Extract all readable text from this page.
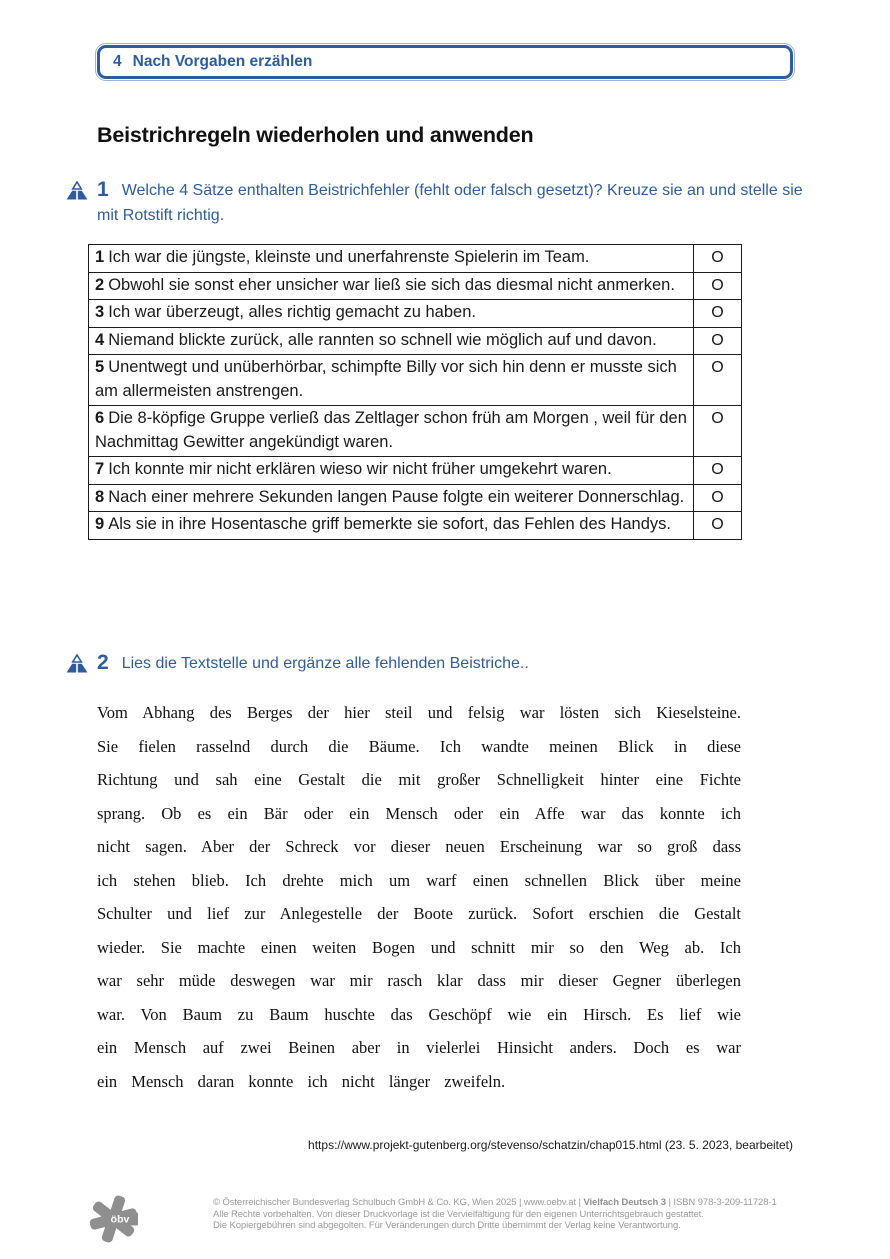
4 Nach Vorgaben erzählen
Beistrichregeln wiederholen und anwenden

1 Welche 4 Sätze enthalten Beistrichfehler (fehlt oder falsch gesetzt)? Kreuze sie an und stelle sie mit Rotstift richtig.

1 Ich war die jüngste, kleinste und unerfahrenste Spielerin im Team.	O
2 Obwohl sie sonst eher unsicher war ließ sie sich das diesmal nicht anmerken.	O
3 Ich war überzeugt, alles richtig gemacht zu haben.	O
4 Niemand blickte zurück, alle rannten so schnell wie möglich auf und davon.	O
5 Unentwegt und unüberhörbar, schimpfte Billy vor sich hin denn er musste sich am allermeisten anstrengen.	O
6 Die 8-köpfige Gruppe verließ das Zeltlager schon früh am Morgen , weil für den Nachmittag Gewitter angekündigt waren.	O
7 Ich konnte mir nicht erklären wieso wir nicht früher umgekehrt waren.	O
8 Nach einer mehrere Sekunden langen Pause folgte ein weiterer Donnerschlag.	O
9 Als sie in ihre Hosentasche griff bemerkte sie sofort, das Fehlen des Handys.	O

2 Lies die Textstelle und ergänze alle fehlenden Beistriche..

Vom Abhang des Berges der hier steil und felsig war lösten sich Kieselsteine. Sie fielen rasselnd durch die Bäume. Ich wandte meinen Blick in diese Richtung und sah eine Gestalt die mit großer Schnelligkeit hinter eine Fichte sprang. Ob es ein Bär oder ein Mensch oder ein Affe war das konnte ich nicht sagen. Aber der Schreck vor dieser neuen Erscheinung war so groß dass ich stehen blieb. Ich drehte mich um warf einen schnellen Blick über meine Schulter und lief zur Anlegestelle der Boote zurück. Sofort erschien die Gestalt wieder. Sie machte einen weiten Bogen und schnitt mir so den Weg ab. Ich war sehr müde deswegen war mir rasch klar dass mir dieser Gegner überlegen war. Von Baum zu Baum huschte das Geschöpf wie ein Hirsch. Es lief wie ein Mensch auf zwei Beinen aber in vielerlei Hinsicht anders. Doch es war ein Mensch daran konnte ich nicht länger zweifeln.
https://www.projekt-gutenberg.org/stevenso/schatzin/chap015.html (23. 5. 2023, bearbeitet)
öbv
© Österreichischer Bundesverlag Schulbuch GmbH & Co. KG, Wien 2025 | www.oebv.at | Vielfach Deutsch 3 | ISBN 978-3-209-11728-1
Alle Rechte vorbehalten. Von dieser Druckvorlage ist die Vervielfältigung für den eigenen Unterrichtsgebrauch gestattet.
Die Kopiergebühren sind abgegolten. Für Veränderungen durch Dritte übernimmt der Verlag keine Verantwortung.
